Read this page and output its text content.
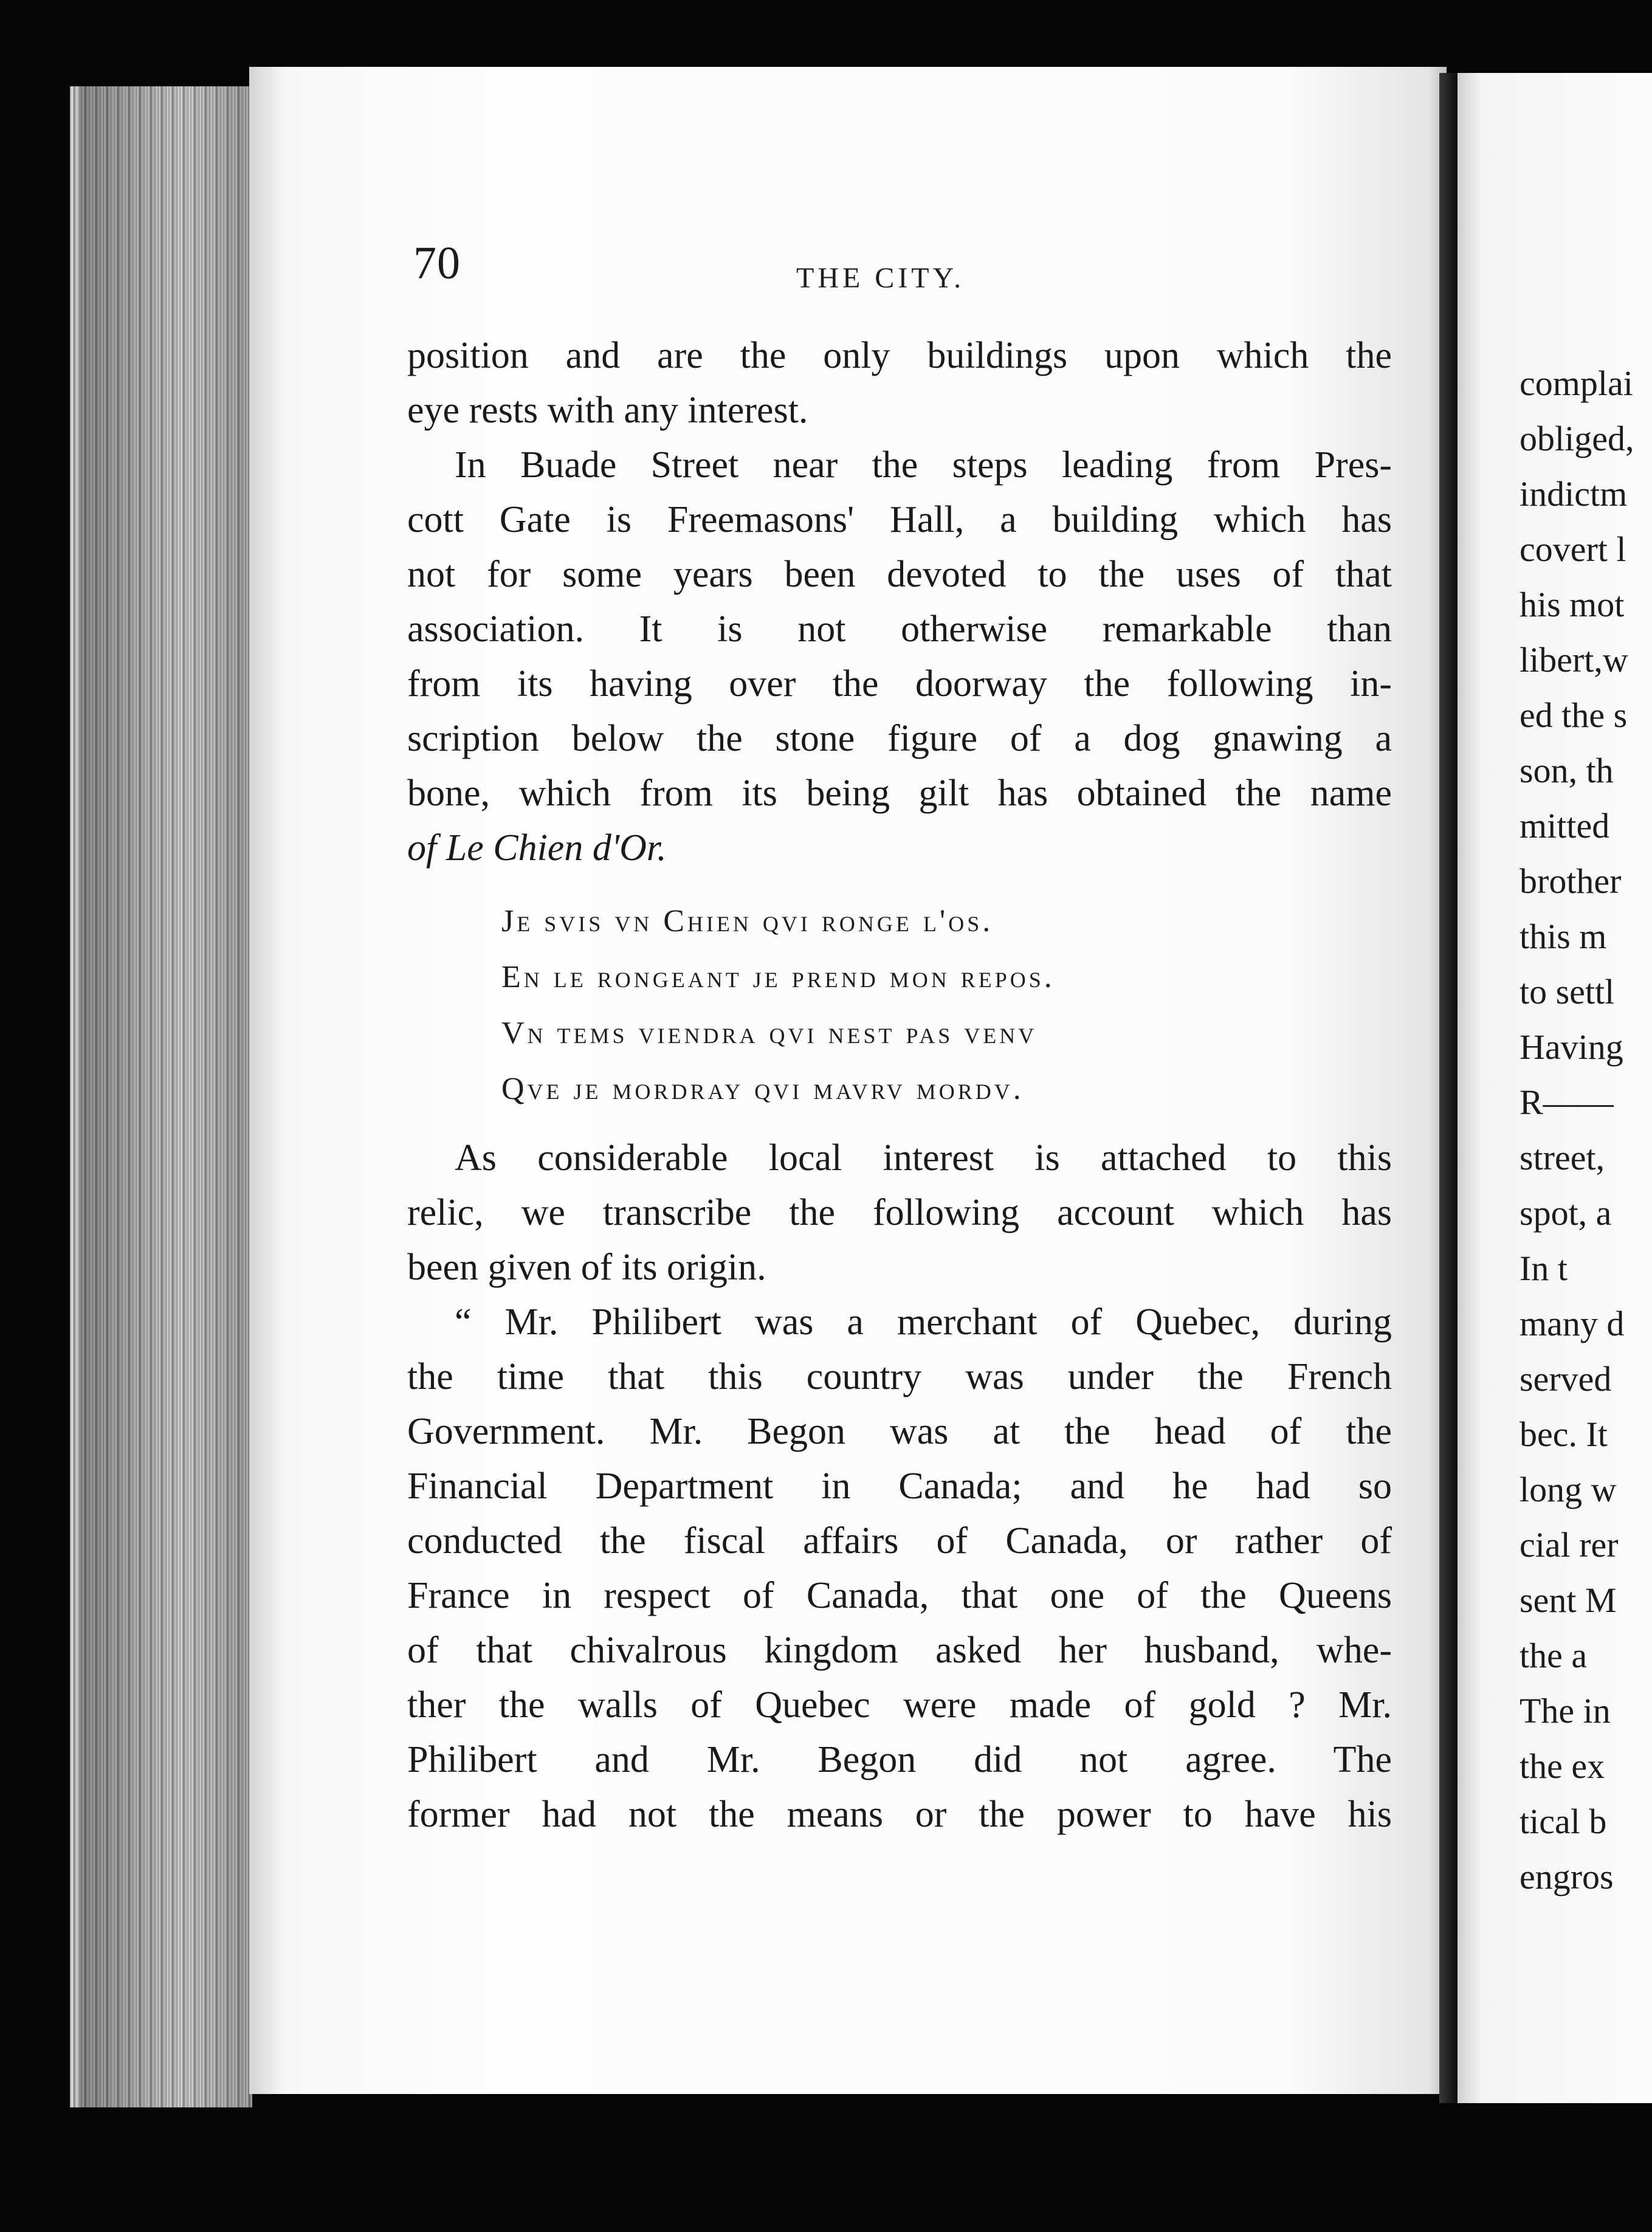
70	THE CITY.
position and are the only buildings upon which the
eye rests with any interest.
In Buade Street near the steps leading from Pres-
cott Gate is Freemasons' Hall, a building which has
not for some years been devoted to the uses of that
association. It is not otherwise remarkable than
from its having over the doorway the following in-
scription below the stone figure of a dog gnawing a
bone, which from its being gilt has obtained the name
of Le Chien d'Or.
Je svis vn Chien qvi ronge l'os.
En le rongeant je prend mon repos.
Vn tems viendra qvi nest pas venv
Qve je mordray qvi mavrv mordv.
As considerable local interest is attached to this
relic, we transcribe the following account which has
been given of its origin.
“ Mr. Philibert was a merchant of Quebec, during
the time that this country was under the French
Government. Mr. Begon was at the head of the
Financial Department in Canada; and he had so
conducted the fiscal affairs of Canada, or rather of
France in respect of Canada, that one of the Queens
of that chivalrous kingdom asked her husband, whe-
ther the walls of Quebec were made of gold ? Mr.
Philibert and Mr. Begon did not agree. The
former had not the means or the power to have his
complai
obliged,
indictm
covert l
his mot
libert,w
ed the s
son, th
mitted
brother
this m
to settl
Having
R——
street,
spot, a
In t
many d
served
bec. It
long w
cial rer
sent M
the a
The in
the ex
tical b
engros
